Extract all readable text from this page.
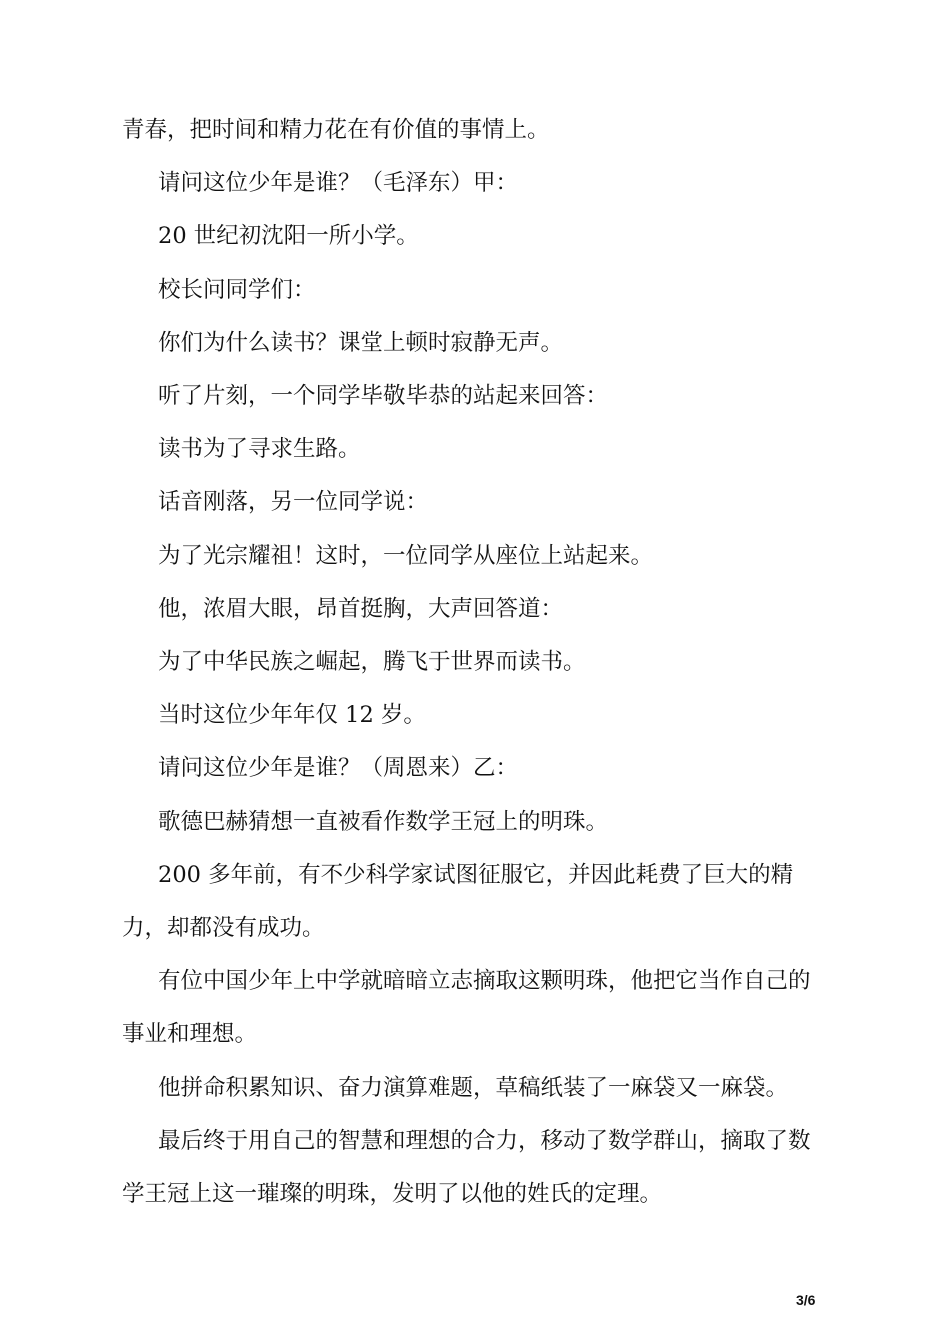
青春，把时间和精力花在有价值的事情上。

请问这位少年是谁？（毛泽东）甲：

20 世纪初沈阳一所小学。

校长问同学们：

你们为什么读书？课堂上顿时寂静无声。

听了片刻，一个同学毕敬毕恭的站起来回答：

读书为了寻求生路。

话音刚落，另一位同学说：

为了光宗耀祖！这时，一位同学从座位上站起来。

他，浓眉大眼，昂首挺胸，大声回答道：

为了中华民族之崛起，腾飞于世界而读书。

当时这位少年年仅 12 岁。

请问这位少年是谁？（周恩来）乙：

歌德巴赫猜想一直被看作数学王冠上的明珠。

200 多年前，有不少科学家试图征服它，并因此耗费了巨大的精力，却都没有成功。

有位中国少年上中学就暗暗立志摘取这颗明珠，他把它当作自己的事业和理想。

他拼命积累知识、奋力演算难题，草稿纸装了一麻袋又一麻袋。

最后终于用自己的智慧和理想的合力，移动了数学群山，摘取了数学王冠上这一璀璨的明珠，发明了以他的姓氏的定理。

3/6
